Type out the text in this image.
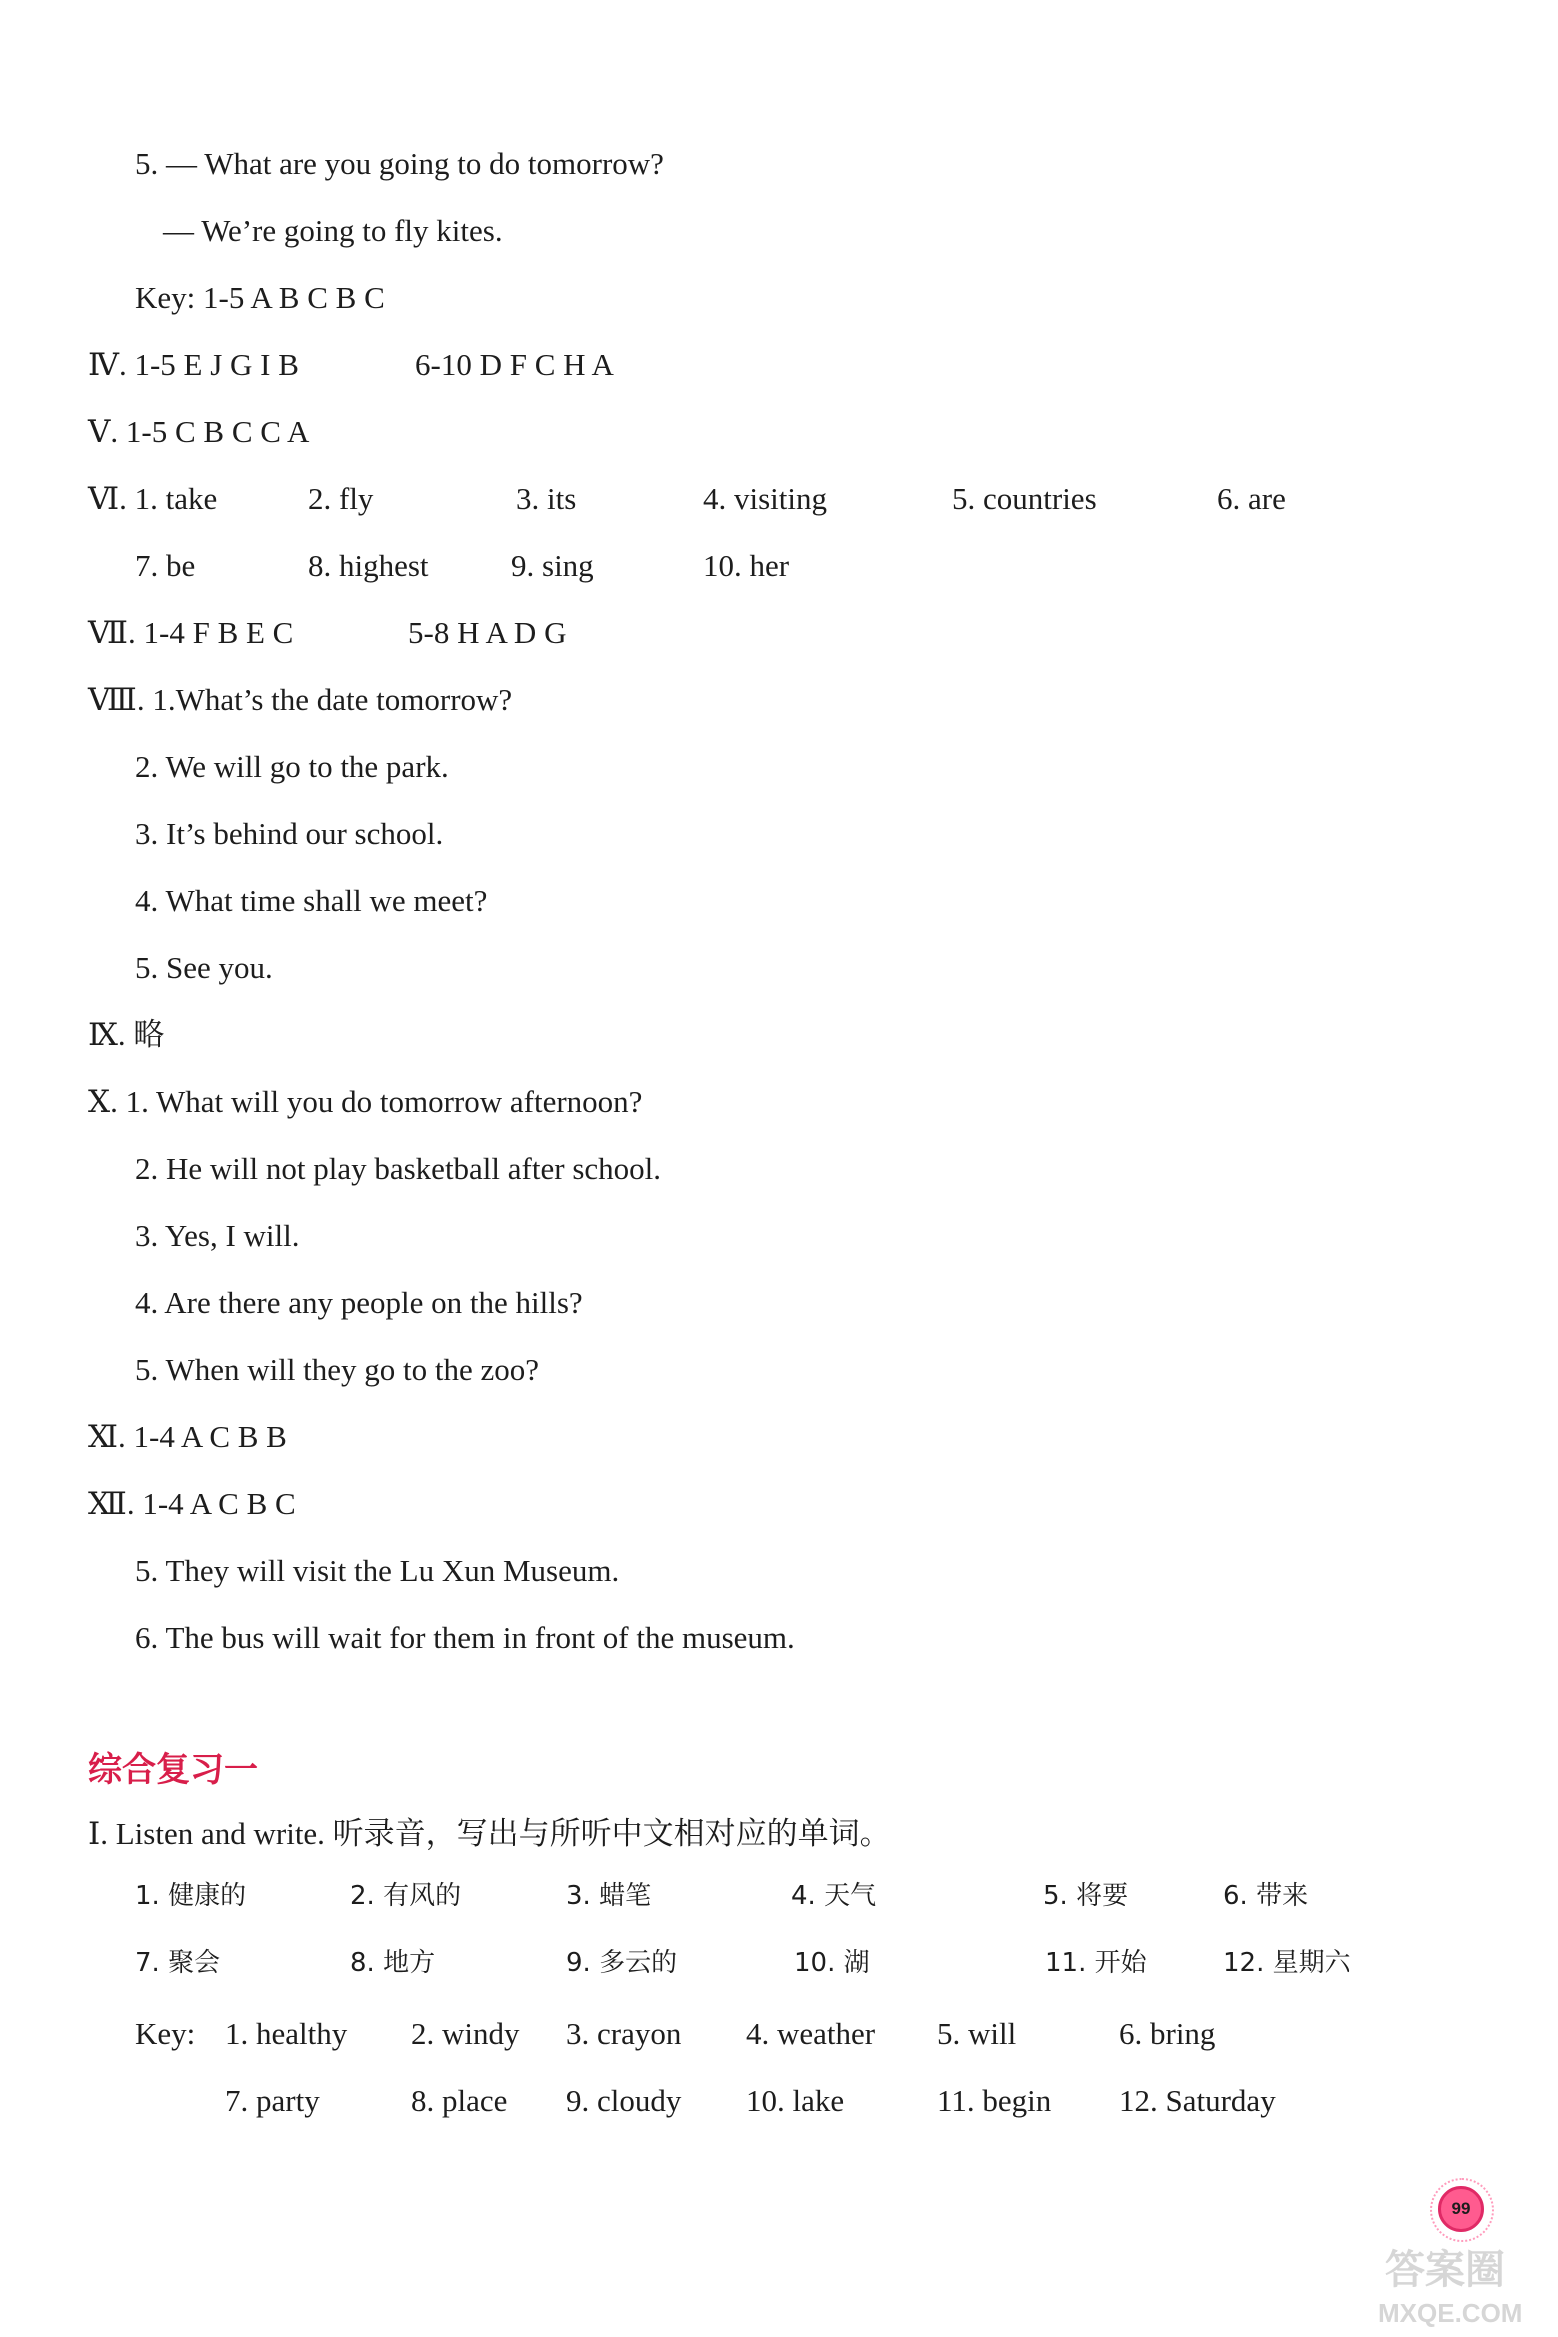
5. — What are you going to do tomorrow?
— We’re going to fly kites.
Key: 1-5 A B C B C
Ⅳ. 1-5 E J G I B	6-10 D F C H A
Ⅴ. 1-5 C B C C A
Ⅵ. 1. take	2. fly	3. its	4. visiting	5. countries	6. are
7. be	8. highest	9. sing	10. her
Ⅶ. 1-4 F B E C	5-8 H A D G
Ⅷ. 1.What’s the date tomorrow?
2. We will go to the park.
3. It’s behind our school.
4. What time shall we meet?
5. See you.
Ⅸ. 略
Ⅹ. 1. What will you do tomorrow afternoon?
2. He will not play basketball after school.
3. Yes, I will.
4. Are there any people on the hills?
5. When will they go to the zoo?
Ⅺ. 1-4 A C B B
Ⅻ. 1-4 A C B C
5. They will visit the Lu Xun Museum.
6. The bus will wait for them in front of the museum.
综合复习一
Ⅰ. Listen and write. 听录音，写出与所听中文相对应的单词。
1. 健康的	2. 有风的	3. 蜡笔	4. 天气	5. 将要	6. 带来
7. 聚会	8. 地方	9. 多云的	10. 湖	11. 开始	12. 星期六
Key: 1. healthy 2. windy 3. crayon 4. weather 5. will	6. bring
7. party	8. place 9. cloudy 10. lake	11. begin 12. Saturday
99
答案圈
MXQE.COM
